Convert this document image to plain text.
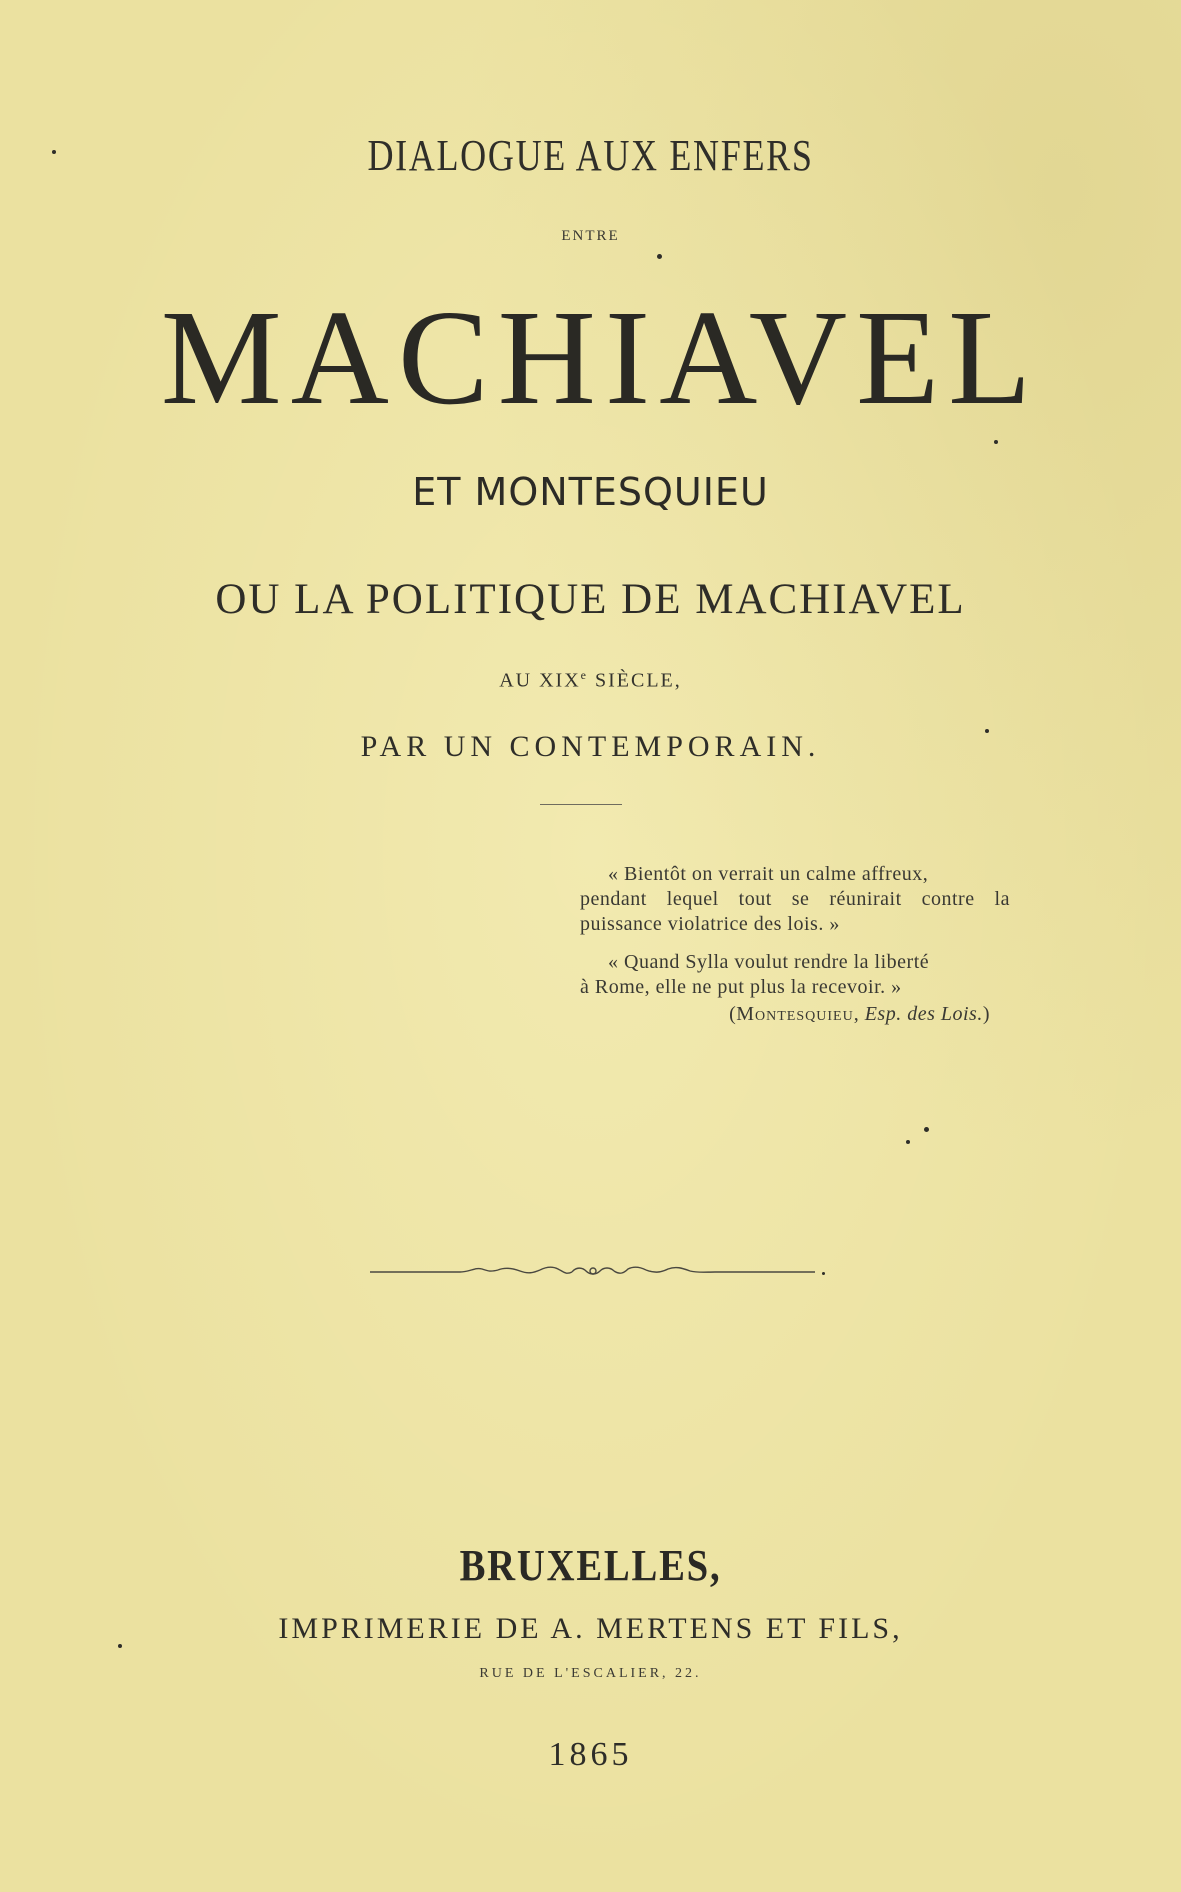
DIALOGUE AUX ENFERS
ENTRE
MACHIAVEL
ET MONTESQUIEU
OU LA POLITIQUE DE MACHIAVEL
AU XIXe SIÈCLE,
PAR UN CONTEMPORAIN.
« Bientôt on verrait un calme affreux,
pendant lequel tout se réunirait contre la puissance violatrice des lois. »
« Quand Sylla voulut rendre la liberté
à Rome, elle ne put plus la recevoir. »
(Montesquieu, Esp. des Lois.)
BRUXELLES,
IMPRIMERIE DE A. MERTENS ET FILS,
RUE DE L'ESCALIER, 22.
1865
